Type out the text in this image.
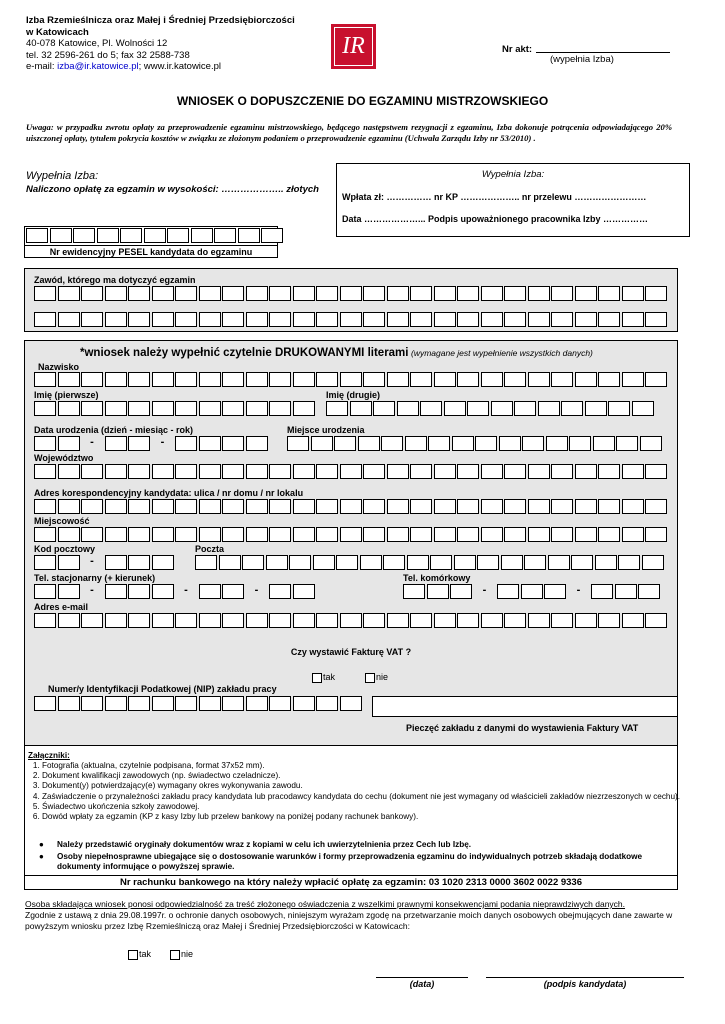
Izba Rzemieślnicza oraz Małej i Średniej Przedsiębiorczości
w Katowicach
40-078 Katowice, Pl. Wolności 12
tel. 32 2596-261 do 5; fax 32 2588-738
e-mail: izba@ir.katowice.pl; www.ir.katowice.pl
IR	Nr akt:
(wypełnia Izba)
WNIOSEK O DOPUSZCZENIE DO EGZAMINU MISTRZOWSKIEGO
Uwaga: w przypadku zwrotu opłaty za przeprowadzenie egzaminu mistrzowskiego, będącego następstwem rezygnacji z egzaminu, Izba dokonuje potrącenia odpowiadającego 20% uiszczonej opłaty, tytułem pokrycia kosztów w związku ze złożonym podaniem o przeprowadzenie egzaminu (Uchwała Zarządu Izby nr 53/2010) .
Wypełnia Izba:
Naliczono opłatę za egzamin w wysokości: ……………….. złotych
Wypełnia Izba:
Wpłata zł: …………… nr KP ……………….. nr przelewu ……………………
Data ………………... Podpis upoważnionego pracownika Izby ……………
Nr ewidencyjny PESEL kandydata do egzaminu
Zawód, którego ma dotyczyć egzamin
*wniosek należy wypełnić czytelnie DRUKOWANYMI literami (wymagane jest wypełnienie wszystkich danych)
Nazwisko
Imię (pierwsze)	Imię (drugie)
Data urodzenia (dzień - miesiąc - rok)	Miejsce urodzenia
-	-
Województwo
Adres korespondencyjny kandydata: ulica / nr domu / nr lokalu
Miejscowość
Kod pocztowy	Poczta
-
Tel. stacjonarny (+ kierunek)	Tel. komórkowy
-	-	-	-	-
Adres e-mail
Czy wystawić Fakturę VAT ?
tak	nie
Numer/y Identyfikacji Podatkowej (NIP) zakładu pracy
Pieczęć zakładu z danymi do wystawienia Faktury VAT
Załączniki:
1. Fotografia (aktualna, czytelnie podpisana, format 37x52 mm).
2. Dokument kwalifikacji zawodowych (np. świadectwo czeladnicze).
3. Dokument(y) potwierdzający(e) wymagany okres wykonywania zawodu.
4. Zaświadczenie o przynależności zakładu pracy kandydata lub pracodawcy kandydata do cechu (dokument nie jest wymagany od właścicieli zakładów niezrzeszonych w cechu).
5. Świadectwo ukończenia szkoły zawodowej.
6. Dowód wpłaty za egzamin (KP z kasy Izby lub przelew bankowy na poniżej podany rachunek bankowy).
● Należy przedstawić oryginały dokumentów wraz z kopiami w celu ich uwierzytelnienia przez Cech lub Izbę.
● Osoby niepełnosprawne ubiegające się o dostosowanie warunków i formy przeprowadzenia egzaminu do indywidualnych potrzeb składają dodatkowe dokumenty informujące o powyższej sprawie.
Nr rachunku bankowego na który należy wpłacić opłatę za egzamin: 03 1020 2313 0000 3602 0022 9336
Osoba składająca wniosek ponosi odpowiedzialność za treść złożonego oświadczenia z wszelkimi prawnymi konsekwencjami podania nieprawdziwych danych.
Zgodnie z ustawą z dnia 29.08.1997r. o ochronie danych osobowych, niniejszym wyrażam zgodę na przetwarzanie moich danych osobowych obejmujących dane zawarte w powyższym wniosku przez Izbę Rzemieślniczą oraz Małej i Średniej Przedsiębiorczości w Katowicach:
tak	nie
(data)	(podpis kandydata)
